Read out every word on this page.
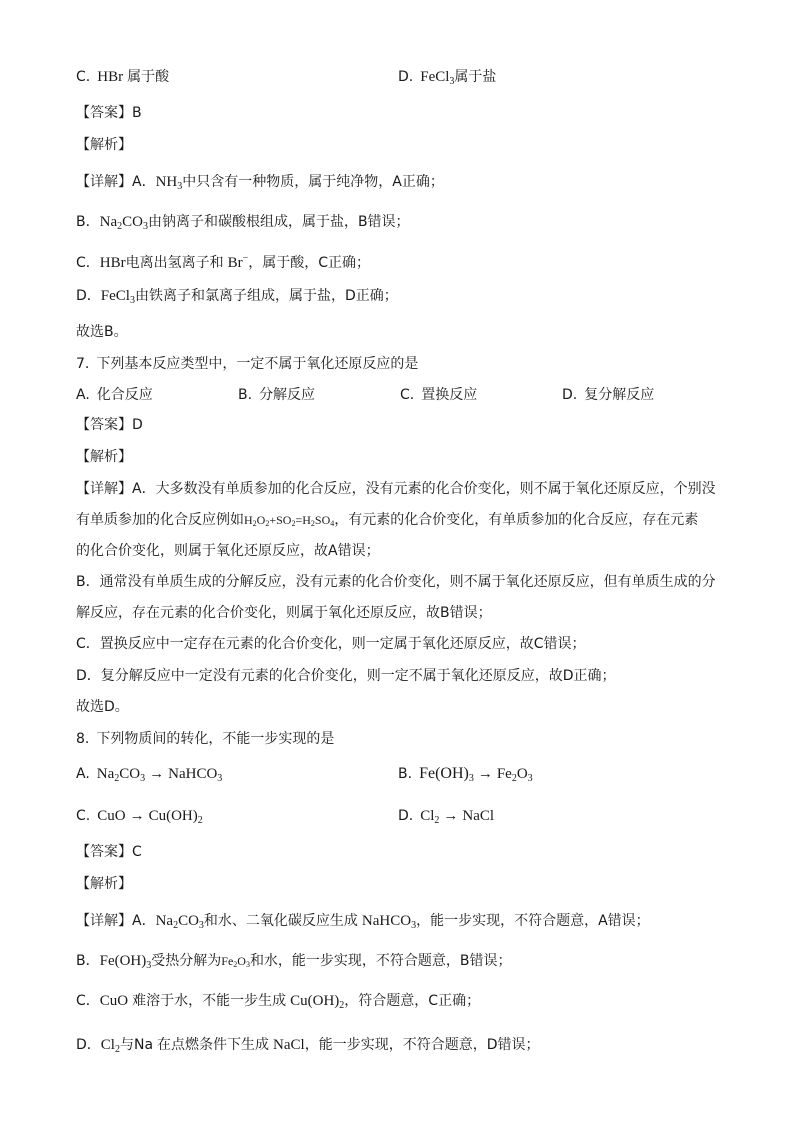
C. HBr 属于酸	D. FeCl$_3$属于盐
【答案】B
【解析】
【详解】A．$NH_3$中只含有一种物质，属于纯净物，A正确；
B．$Na_2CO_3$由钠离子和碳酸根组成，属于盐，B错误；
C．HBr电离出氢离子和 Br−，属于酸，C正确；
D．FeCl$_3$由铁离子和氯离子组成，属于盐，D正确；
故选B。
7. 下列基本反应类型中，一定不属于氧化还原反应的是
A. 化合反应	B. 分解反应	C. 置换反应	D. 复分解反应
【答案】D
【解析】
【详解】A．大多数没有单质参加的化合反应，没有元素的化合价变化，则不属于氧化还原反应，个别没
有单质参加的化合反应例如H2O2+SO2=H2SO4，有元素的化合价变化，有单质参加的化合反应，存在元素
的化合价变化，则属于氧化还原反应，故A错误；
B．通常没有单质生成的分解反应，没有元素的化合价变化，则不属于氧化还原反应，但有单质生成的分
解反应，存在元素的化合价变化，则属于氧化还原反应，故B错误；
C．置换反应中一定存在元素的化合价变化，则一定属于氧化还原反应，故C错误；
D．复分解反应中一定没有元素的化合价变化，则一定不属于氧化还原反应，故D正确；
故选D。
8. 下列物质间的转化，不能一步实现的是
A. $Na_2CO_3$ → NaHCO$_3$	B. $Fe(OH)_3 \to Fe_2O_3$
C. CuO → $Cu(OH)_2$	D. $Cl_2$ → NaCl
【答案】C
【解析】
【详解】A．$Na_2CO_3$和水、二氧化碳反应生成 NaHCO$_3$，能一步实现，不符合题意，A错误；
B．$Fe(OH)_3$受热分解为Fe2O3和水，能一步实现，不符合题意，B错误；
C．CuO 难溶于水，不能一步生成 $Cu(OH)_2$，符合题意，C正确；
D．$Cl_2$与Na 在点燃条件下生成 NaCl，能一步实现，不符合题意，D错误；
